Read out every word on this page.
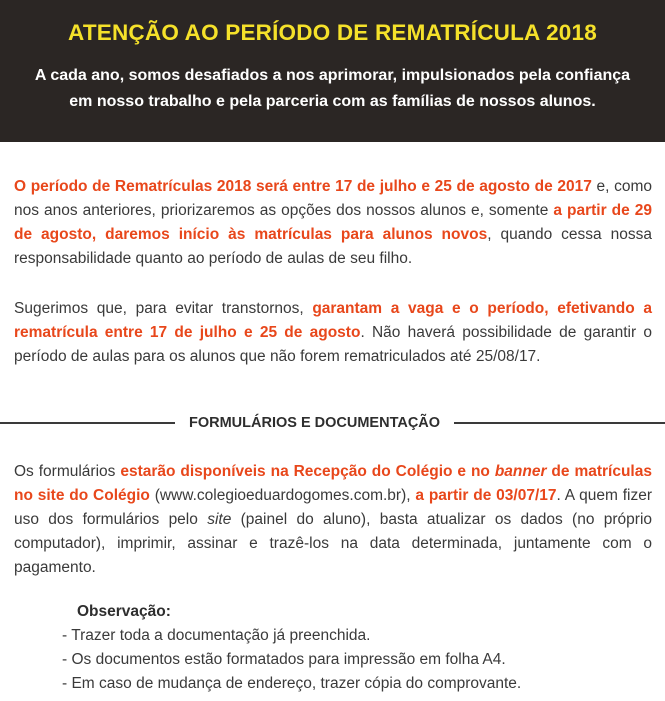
ATENÇÃO AO PERÍODO DE REMATRÍCULA 2018

A cada ano, somos desafiados a nos aprimorar, impulsionados pela confiança
em nosso trabalho e pela parceria com as famílias de nossos alunos.

O período de Rematrículas 2018 será entre 17 de julho e 25 de agosto de 2017 e, como nos anos anteriores, priorizaremos as opções dos nossos alunos e, somente a partir de 29 de agosto, daremos início às matrículas para alunos novos, quando cessa nossa responsabilidade quanto ao período de aulas de seu filho.

Sugerimos que, para evitar transtornos, garantam a vaga e o período, efetivando a rematrícula entre 17 de julho e 25 de agosto. Não haverá possibilidade de garantir o período de aulas para os alunos que não forem rematriculados até 25/08/17.

FORMULÁRIOS E DOCUMENTAÇÃO

Os formulários estarão disponíveis na Recepção do Colégio e no banner de matrículas no site do Colégio (www.colegioeduardogomes.com.br), a partir de 03/07/17. A quem fizer uso dos formulários pelo site (painel do aluno), basta atualizar os dados (no próprio computador), imprimir, assinar e trazê-los na data determinada, juntamente com o pagamento.

Observação:

- Trazer toda a documentação já preenchida.

- Os documentos estão formatados para impressão em folha A4.

- Em caso de mudança de endereço, trazer cópia do comprovante.
